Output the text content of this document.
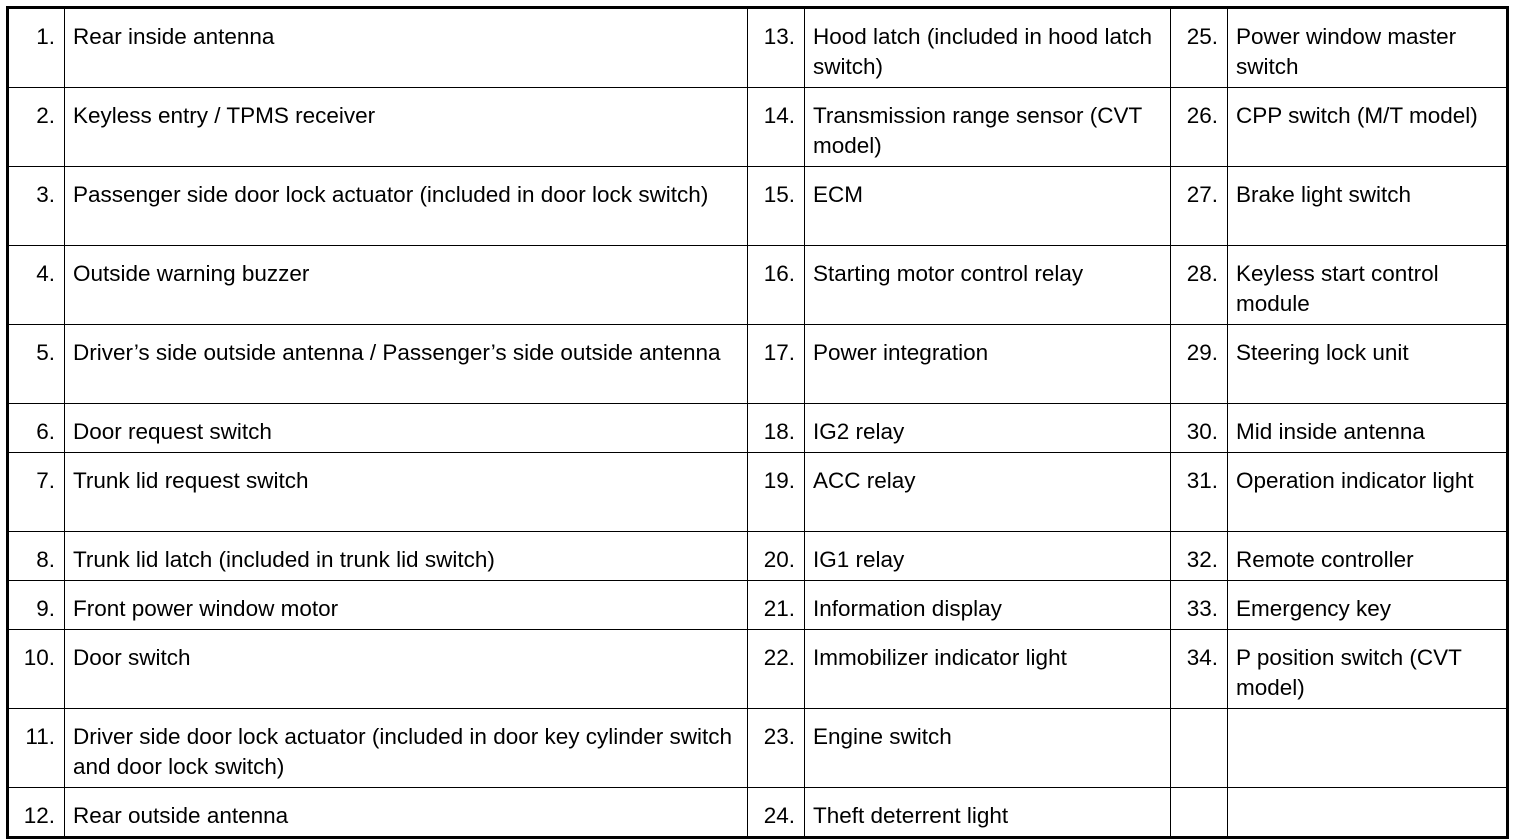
1.	Rear inside antenna	13.	Hood latch (included in hood latch switch)	25.	Power window master switch
2.	Keyless entry / TPMS receiver	14.	Transmission range sensor (CVT model)	26.	CPP switch (M/T model)
3.	Passenger side door lock actuator (included in door lock switch)	15.	ECM	27.	Brake light switch
4.	Outside warning buzzer	16.	Starting motor control relay	28.	Keyless start control module
5.	Driver’s side outside antenna / Passenger’s side outside antenna	17.	Power integration	29.	Steering lock unit
6.	Door request switch	18.	IG2 relay	30.	Mid inside antenna
7.	Trunk lid request switch	19.	ACC relay	31.	Operation indicator light
8.	Trunk lid latch (included in trunk lid switch)	20.	IG1 relay	32.	Remote controller
9.	Front power window motor	21.	Information display	33.	Emergency key
10.	Door switch	22.	Immobilizer indicator light	34.	P position switch (CVT model)
11.	Driver side door lock actuator (included in door key cylinder switch and door lock switch)	23.	Engine switch		
12.	Rear outside antenna	24.	Theft deterrent light		
